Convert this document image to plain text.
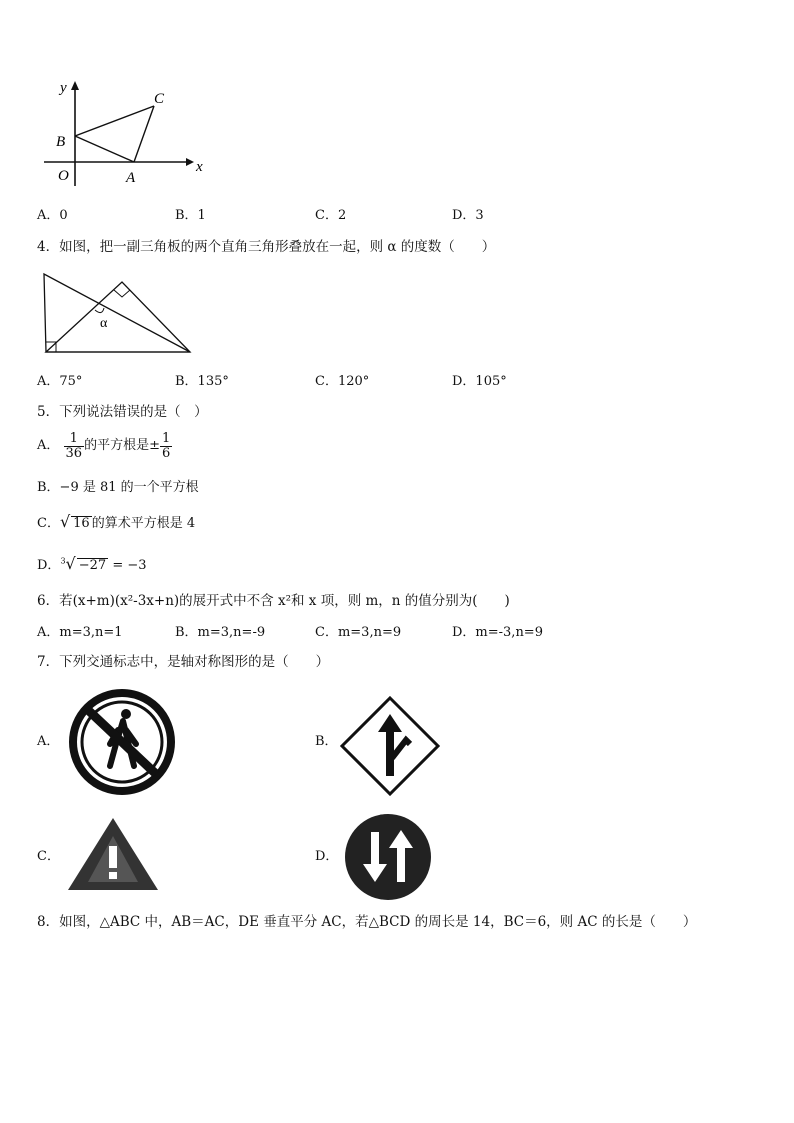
y
x
O	A
B
C
A．0	B．1	C．2	D．3
4．如图，把一副三角板的两个直角三角形叠放在一起，则 α 的度数（　　）
α
A．75°	B．135°	C．120°	D．105°
5．下列说法错误的是（　）
A． $\frac{1}{36}$ 的平方根是± $\frac{1}{6}$
B．−9 是 81 的一个平方根
C．√ 16 的算术平方根是 4
D．$^3$√ −27 = −3
6．若(x+m)(x²-3x+n)的展开式中不含 x²和 x 项，则 m，n 的值分别为(　　)
A．m=3,n=1	B．m=3,n=-9	C．m=3,n=9	D．m=-3,n=9
7．下列交通标志中，是轴对称图形的是（　　）
A．	B．
C．	D．
8．如图，△ABC 中，AB＝AC，DE 垂直平分 AC，若△BCD 的周长是 14，BC＝6，则 AC 的长是（　　）
